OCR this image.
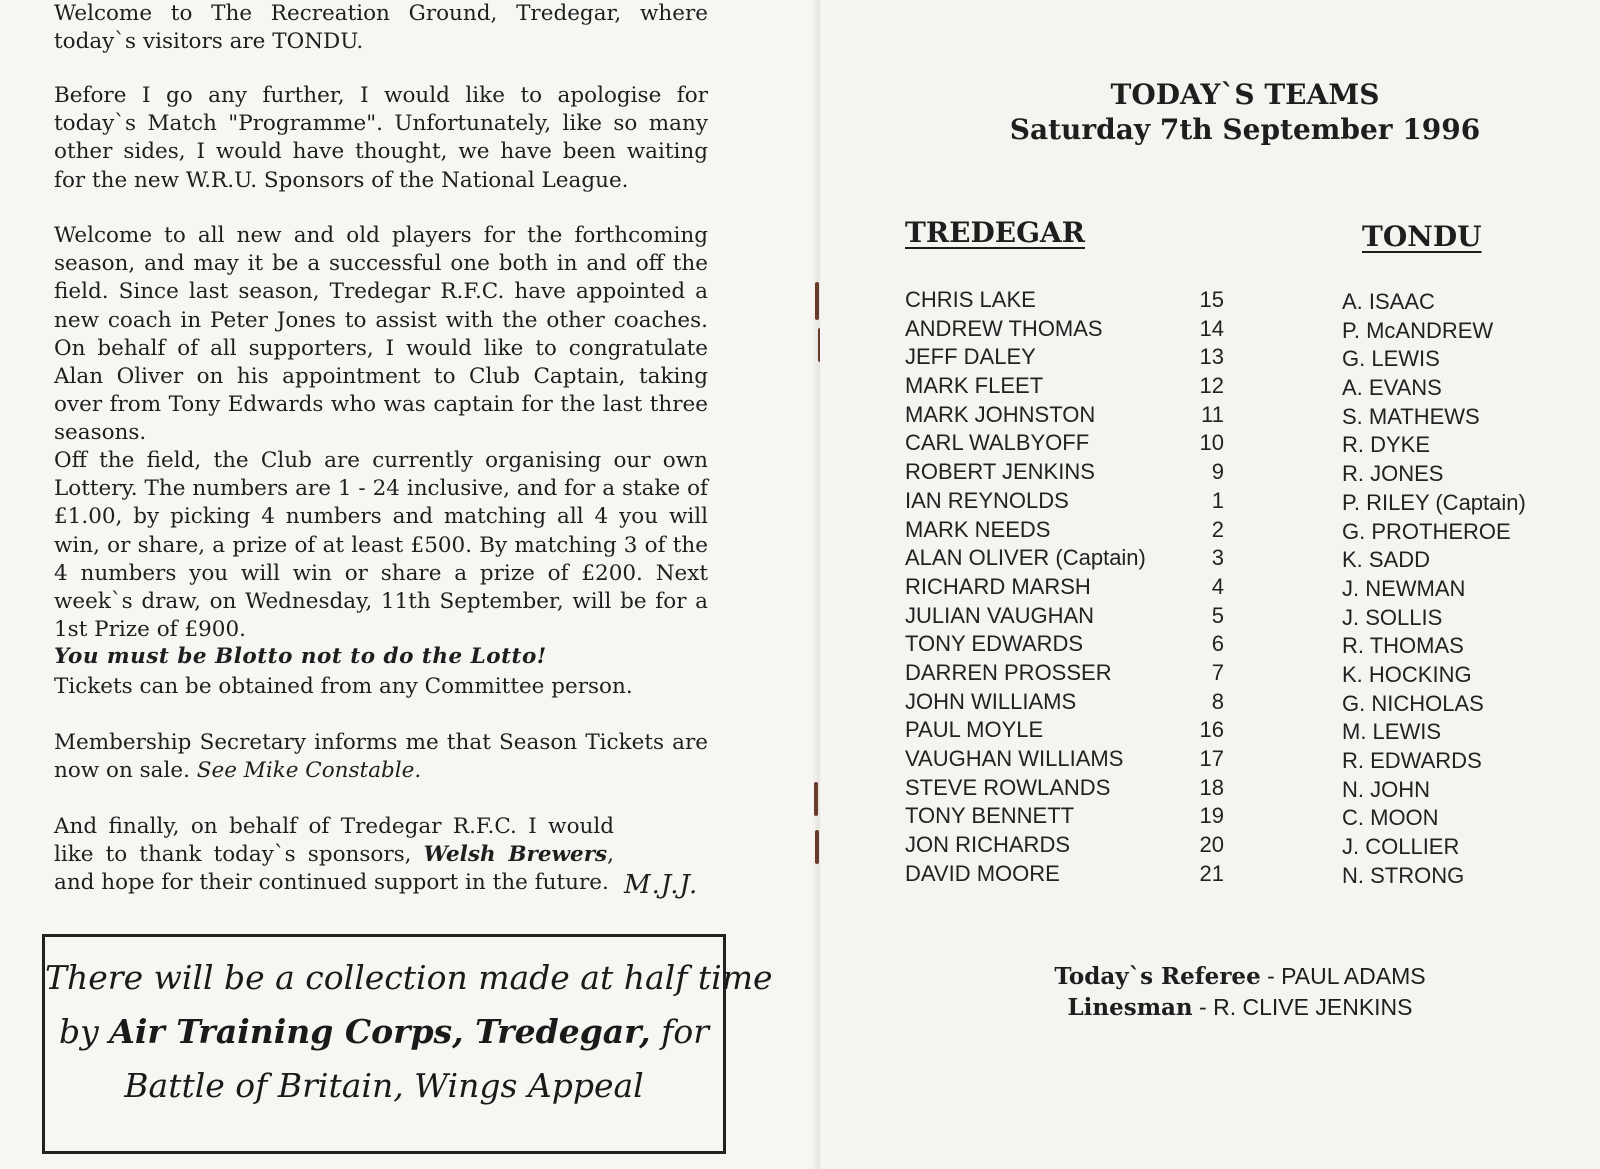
Welcome to The Recreation Ground, Tredegar, where today`s visitors are TONDU.

Before I go any further, I would like to apologise for today`s Match "Programme". Unfortunately, like so many other sides, I would have thought, we have been waiting for the new W.R.U. Sponsors of the National League.

Welcome to all new and old players for the forthcoming season, and may it be a successful one both in and off the field. Since last season, Tredegar R.F.C. have appointed a new coach in Peter Jones to assist with the other coaches. On behalf of all supporters, I would like to congratulate Alan Oliver on his appointment to Club Captain, taking over from Tony Edwards who was captain for the last three seasons.

Off the field, the Club are currently organising our own Lottery. The numbers are 1 - 24 inclusive, and for a stake of £1.00, by picking 4 numbers and matching all 4 you will win, or share, a prize of at least £500. By matching 3 of the 4 numbers you will win or share a prize of £200. Next week`s draw, on Wednesday, 11th September, will be for a 1st Prize of £900.

You must be Blotto not to do the Lotto!

Tickets can be obtained from any Committee person.

Membership Secretary informs me that Season Tickets are now on sale. See Mike Constable.

And finally, on behalf of Tredegar R.F.C. I would like to thank today`s sponsors, Welsh Brewers, and hope for their continued support in the future. M.J.J.
There will be a collection made at half time
by Air Training Corps, Tredegar, for
Battle of Britain, Wings Appeal
TODAY`S TEAMS
Saturday 7th September 1996
TREDEGAR	TONDU
CHRIS LAKE
ANDREW THOMAS
JEFF DALEY
MARK FLEET
MARK JOHNSTON
CARL WALBYOFF
ROBERT JENKINS
IAN REYNOLDS
MARK NEEDS
ALAN OLIVER (Captain)
RICHARD MARSH
JULIAN VAUGHAN
TONY EDWARDS
DARREN PROSSER
JOHN WILLIAMS
PAUL MOYLE
VAUGHAN WILLIAMS
STEVE ROWLANDS
TONY BENNETT
JON RICHARDS
DAVID MOORE
15
14
13
12
11
10
9
1
2
3
4
5
6
7
8
16
17
18
19
20
21
A. ISAAC
P. McANDREW
G. LEWIS
A. EVANS
S. MATHEWS
R. DYKE
R. JONES
P. RILEY (Captain)
G. PROTHEROE
K. SADD
J. NEWMAN
J. SOLLIS
R. THOMAS
K. HOCKING
G. NICHOLAS
M. LEWIS
R. EDWARDS
N. JOHN
C. MOON
J. COLLIER
N. STRONG
Today`s Referee - PAUL ADAMS
Linesman - R. CLIVE JENKINS
